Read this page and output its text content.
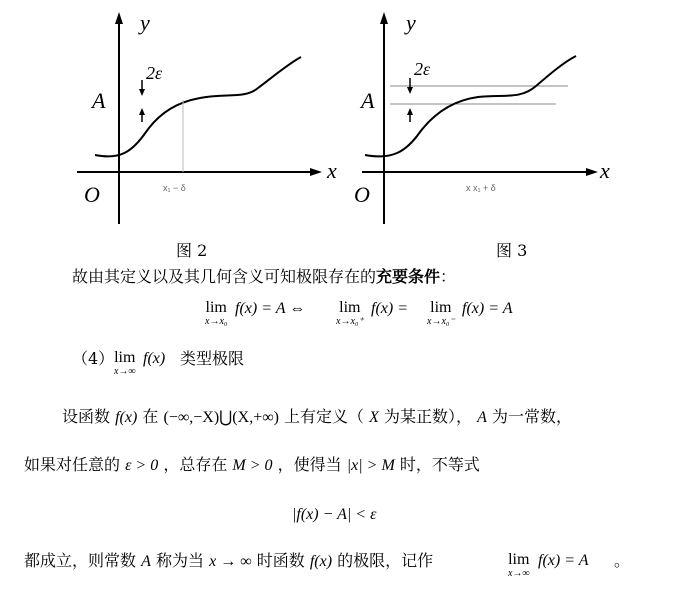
y
x
O
A
2ε
x₁ − δ
图 2
y
x
O
A
2ε
x x₁ + δ
图 3
故由其定义以及其几何含义可知极限存在的充要条件：
lim
x→x₀
f(x) = A ⇔ lim
x→x₀⁺
f(x) = lim
x→x₀⁻
f(x) = A
（4） lim
x→∞
f(x) 类型极限
设函数 f(x) 在 (−∞,−X)⋃(X,+∞) 上有定义（ X 为某正数）， A 为一常数，
如果对任意的 ε > 0 ，总存在 M > 0 ，使得当 |x| > M 时，不等式
|f(x) − A| < ε
都成立，则常数 A 称为当 x → ∞ 时函数 f(x) 的极限，记作	lim
x→∞
f(x) = A 。
